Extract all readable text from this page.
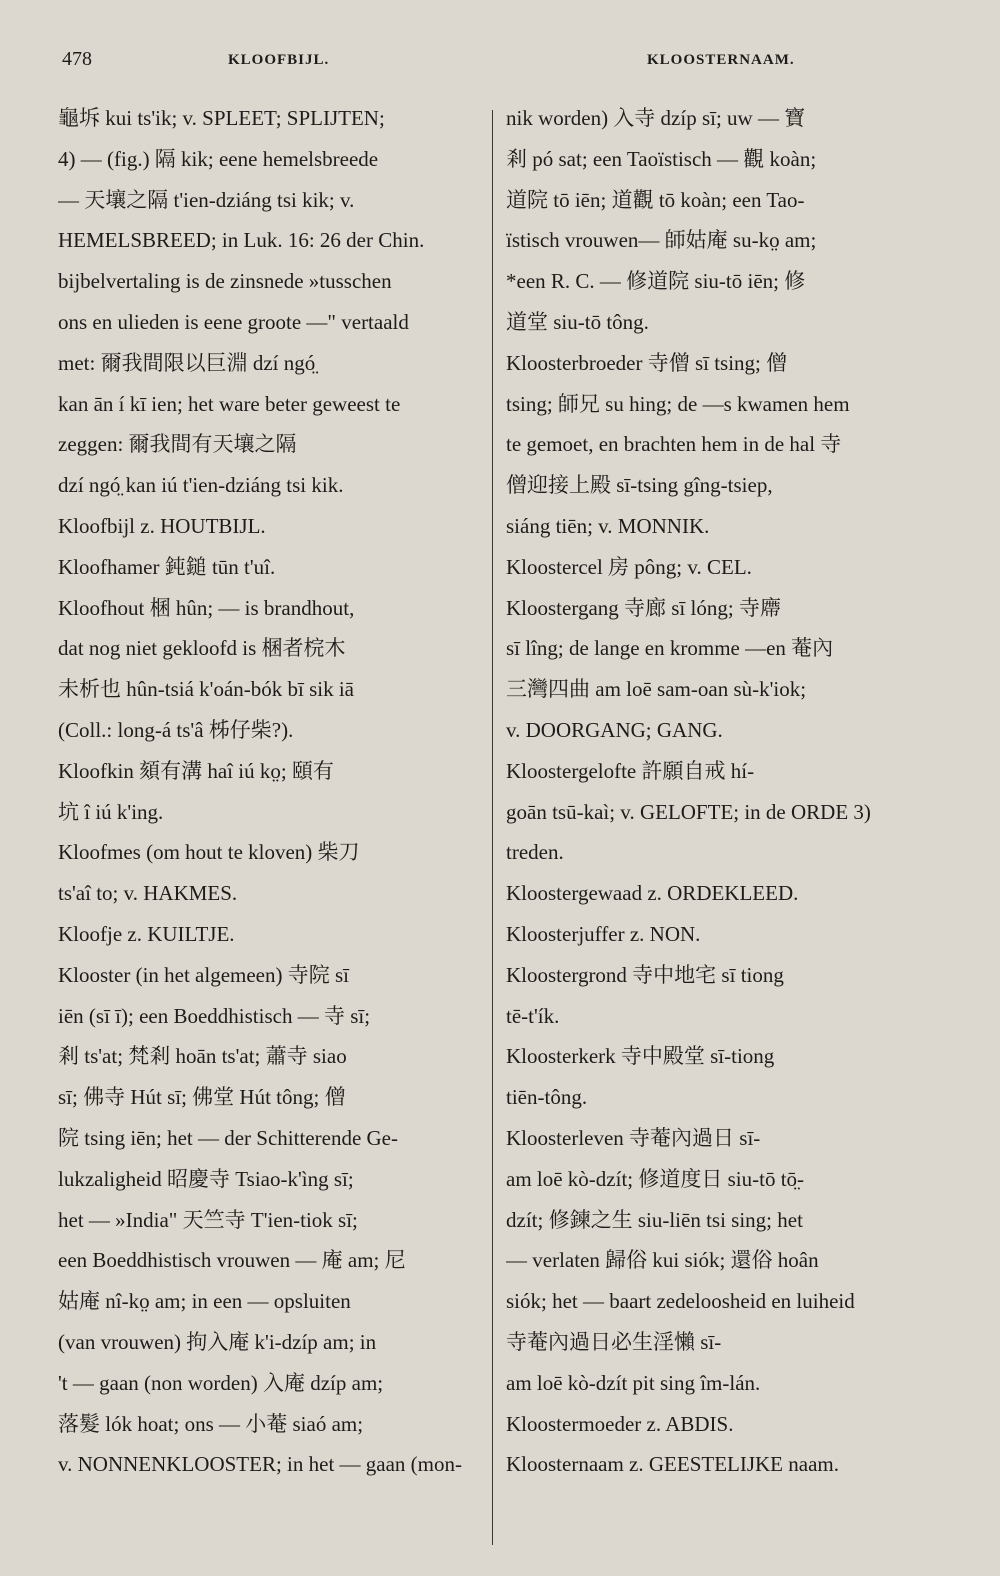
478	KLOOFBIJL.	KLOOSTERNAAM.
龜坼 kui ts'ik; v. SPLEET; SPLIJTEN;
4) — (fig.) 隔 kik; eene hemelsbreede
— 天壤之隔 t'ien-dziáng tsi kik; v.
HEMELSBREED; in Luk. 16: 26 der Chin.
bijbelvertaling is de zinsnede »tusschen
ons en ulieden is eene groote —" vertaald
met: 爾我間限以巨淵 dzí ngó̤
kan ān í kī ien; het ware beter geweest te
zeggen: 爾我間有天壤之隔
dzí ngó̤ kan iú t'ien-dziáng tsi kik.
Kloofbijl z. HOUTBIJL.
Kloofhamer 鈍鎚 tūn t'uî.
Kloofhout 棞 hûn; — is brandhout,
dat nog niet gekloofd is 棞者梡木
未析也 hûn-tsiá k'oán-bók bī sik iā
(Coll.: long-á ts'â 柹仔柴?).
Kloofkin 頦有溝 haî iú ko̤; 頤有
坑 î iú k'ing.
Kloofmes (om hout te kloven) 柴刀
ts'aî to; v. HAKMES.
Kloofje z. KUILTJE.
Klooster (in het algemeen) 寺院 sī
iēn (sī ī); een Boeddhistisch — 寺 sī;
剎 ts'at; 梵剎 hoān ts'at; 蕭寺 siao
sī; 佛寺 Hút sī; 佛堂 Hút tông; 僧
院 tsing iēn; het — der Schitterende Ge-
lukzaligheid 昭慶寺 Tsiao-k'ìng sī;
het — »India" 天竺寺 T'ien-tiok sī;
een Boeddhistisch vrouwen — 庵 am; 尼
姑庵 nî-ko̤ am; in een — opsluiten
(van vrouwen) 拘入庵 k'i-dzíp am; in
't — gaan (non worden) 入庵 dzíp am;
落髮 lók hoat; ons — 小菴 siaó am;
v. NONNENKLOOSTER; in het — gaan (mon-
nik worden) 入寺 dzíp sī; uw — 寶
剎 pó sat; een Taoïstisch — 觀 koàn;
道院 tō iēn; 道觀 tō koàn; een Tao-
ïstisch vrouwen— 師姑庵 su-ko̤ am;
*een R. C. — 修道院 siu-tō iēn; 修
道堂 siu-tō tông.
Kloosterbroeder 寺僧 sī tsing; 僧
tsing; 師兄 su hing; de —s kwamen hem
te gemoet, en brachten hem in de hal 寺
僧迎接上殿 sī-tsing gîng-tsiep,
siáng tiēn; v. MONNIK.
Kloostercel 房 pông; v. CEL.
Kloostergang 寺廊 sī lóng; 寺廗
sī lîng; de lange en kromme —en 菴內
三灣四曲 am loē sam-oan sù-k'iok;
v. DOORGANG; GANG.
Kloostergelofte 許願自戒 hí-
goān tsū-kaì; v. GELOFTE; in de ORDE 3)
treden.
Kloostergewaad z. ORDEKLEED.
Kloosterjuffer z. NON.
Kloostergrond 寺中地宅 sī tiong
tē-t'ík.
Kloosterkerk 寺中殿堂 sī-tiong
tiēn-tông.
Kloosterleven 寺菴內過日 sī-
am loē kò-dzít; 修道度日 siu-tō tō̤-
dzít; 修鍊之生 siu-liēn tsi sing; het
— verlaten 歸俗 kui siók; 還俗 hoân
siók; het — baart zedeloosheid en luiheid
寺菴內過日必生淫懶 sī-
am loē kò-dzít pit sing îm-lán.
Kloostermoeder z. ABDIS.
Kloosternaam z. GEESTELIJKE naam.
